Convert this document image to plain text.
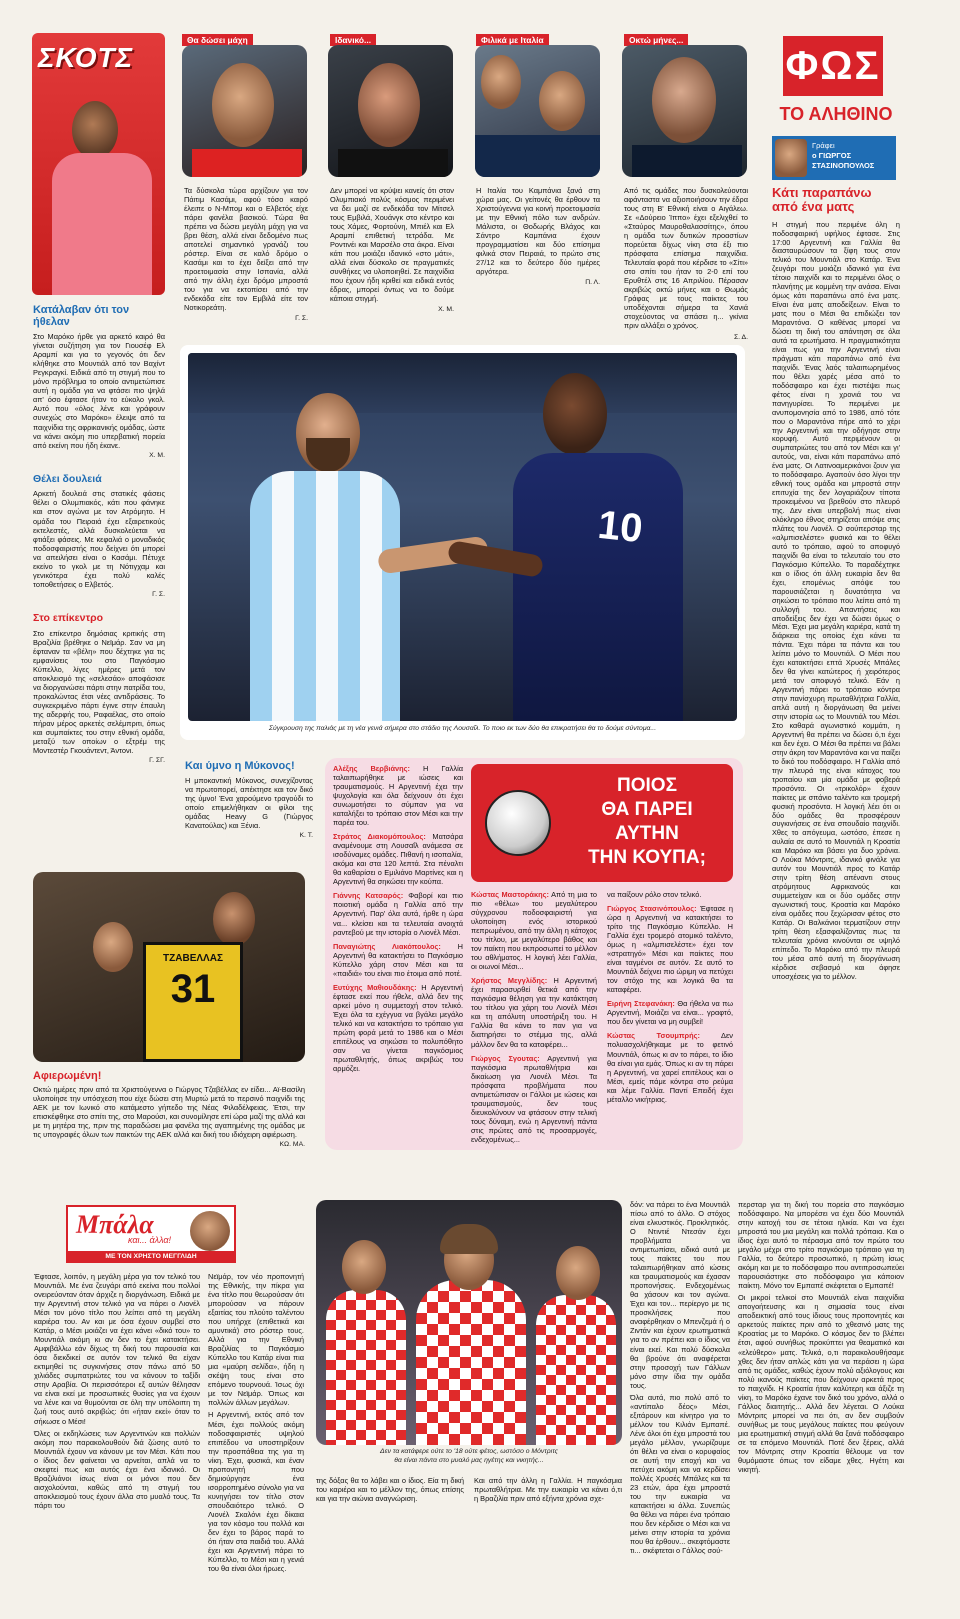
ΣΚΟΤΣ
Θα δώσει μάχη	Ιδανικό...	Φιλικά με Ιταλία	Οκτώ μήνες...

Τα δύσκολα τώρα αρχίζουν για τον Πάιτιμ Κασάμι, αφού τόσο καιρό έλειπε ο Ν-Μπομ και ο Ελβετός είχε πάρει φανέλα βασικού. Τώρα θα πρέπει να δώσει μεγάλη μάχη για να βρει θέση, αλλά είναι δεδομένο πως αποτελεί σημαντικό γρανάζι του ρόστερ. Είναι σε καλό δρόμο ο Κασάμι και το έχει δείξει από την προετοιμασία στην Ισπανία, αλλά από την άλλη έχει δρόμο μπροστά του για να εκτοπίσει από την ενδεκάδα είτε τον Εμβιλά είτε τον Νοτικορεάτη.

Γ. Σ.

Δεν μπορεί να κρύψει κανείς ότι στον Ολυμπιακό πολύς κόσμος περιμένει να δει μαζί σε ενδεκάδα τον Μίτσελ τους Εμβιλά, Χουάνγκ στο κέντρο και τους Χάμες, Φορτούνη, Μπιέλ και Ελ Αραμπί επιθετική τετράδα. Με Ροντινέι και Μαρσέλο στα άκρα. Είναι κάτι που μοιάζει ιδανικό «στο μάτι», αλλά είναι δύσκολο σε πραγματικές συνθήκες να υλοποιηθεί. Σε παιχνίδια που έχουν ήδη κριθεί και ειδικά εντός έδρας, μπορεί όντως να το δούμε κάποια στιγμή.

Χ. Μ.

Η Ιταλία του Καμπάνια ξανά στη χώρα μας. Οι γείτονές θα έρθουν τα Χριστούγεννα για κοινή προετοιμασία με την Εθνική πόλο των ανδρών. Μάλιστα, οι Θοδωρής Βλάχος και Σάντρο Καμπάνια έχουν προγραμματίσει και δύο επίσημα φιλικά στον Πειραιά, το πρώτο στις 27/12 και το δεύτερο δύο ημέρες αργότερα.

Π. Λ.

Από τις ομάδες που δυσκολεύονται αφάνταστα να αξιοποιήσουν την έδρα τους στη Β' Εθνική είναι ο Αιγάλεω. Σε «Δούρειο Ίππο» έχει εξελιχθεί το «Σταύρος Μαυροθαλασσίτης», όπου η ομάδα των δυτικών προαστίων πορεύεται δίχως νίκη στα έξι πιο πρόσφατα επίσημα παιχνίδια. Τελευταία φορά που κέρδισε το «Σίτι» στο σπίτι του ήταν το 2-0 επί του Ερυθτέλ στις 16 Απριλίου. Πέρασαν ακριβώς οκτώ μήνες και ο Θωμάς Γράφας με τους παίκτες του υποδέχονται σήμερα τα Χανιά στοχεύοντας να σπάσει η... γκίνια πριν αλλάξει ο χρόνος.

Σ. Δ.
ΦΩΣ
ΤΟ ΑΛΗΘΙΝΟ
Γράφει
ο ΓΙΩΡΓΟΣ
ΣΤΑΣΙΝΟΠΟΥΛΟΣ
Κατάλαβαν ότι τον ήθελαν
Στο Μαρόκο ήρθε για αρκετό καιρό θα γίνεται συζήτηση για τον Γιουσέφ Ελ Αραμπί και για το γεγονός ότι δεν κλήθηκε στο Μουντιάλ από τον Βαχίντ Ρεγκραγκί. Ειδικά από τη στιγμή που το μόνο πρόβλημα το οποίο αντιμετώπισε αυτή η ομάδα για να φτάσει πιο ψηλά απ' όσο έφτασε ήταν το εύκολο γκολ. Αυτό που «όλος λένε και γράφουν συνεχώς στο Μαρόκο» έλειψε από τα παιχνίδια της αφρικανικής ομάδας, ώστε να κάνει ακόμη πιο υπερβατική πορεία από εκείνη που ήδη έκανε.
Χ. Μ.
Θέλει δουλειά
Αρκετή δουλειά στις στατικές φάσεις θέλει ο Ολυμπιακός, κάτι που φάνηκε και στον αγώνα με τον Ατρόμητο. Η ομάδα του Πειραιά έχει εξαιρετικούς εκτελεστές, αλλά δυσκολεύεται να φτιάξει φάσεις. Με κεφαλιά ο μοναδικός ποδοσφαιριστής που δείχνει ότι μπορεί να απειλήσει είναι ο Κασάμι. Πέτυχε εκείνο το γκολ με τη Νότιγχαμ και γενικότερα έχει πολύ καλές τοποθετήσεις ο Ελβετός.
Γ. Σ.
Στο επίκεντρο
Στο επίκεντρο δημόσιας κριτικής στη Βραζιλία βρέθηκε ο Νεϊμάρ. Σαν να μη έφταναν τα «βέλη» που δέχτηκε για τις εμφανίσεις του στο Παγκόσμιο Κύπελλο, λίγες ημέρες μετά τον αποκλεισμό της «σελεσάο» αποφάσισε να διοργανώσει πάρτι στην πατρίδα του, προκαλώντας έτσι νέες αντιδράσεις. Το συγκεκριμένο πάρτι έγινε στην έπαυλη της αδερφής του, Ραφαέλας, στο οποίο πήραν μέρος αρκετές σελέμπριτι, όπως και συμπαίκτες του στην εθνική ομάδα, μεταξύ των οποίων ο εξτρέμ της Μοντεστέρ Γκουάντεντ, Άντονι.
Γ. ΣΓ.
10
Σύγκρουση της παλιάς με τη νέα γενιά σήμερα στο στάδιο της Λουσαΐλ. Το ποιο εκ των δύο θα επικρατήσει θα το δούμε σύντομα...
Κάτι παραπάνω από ένα ματς
Η στιγμή που περιμένε όλη η ποδοσφαιρική υφήλιος έφτασε. Στις 17:00 Αργεντινή και Γαλλία θα διασταυρώσουν τα ξίφη τους στον τελικό του Μουντιάλ στο Κατάρ. Ένα ζευγάρι που μοιάζει ιδανικό για ένα τέτοιο παιχνίδι και το περιμένει όλος ο πλανήτης με κομμένη την ανάσα. Είναι όμως κάτι παραπάνω από ένα ματς. Είναι ένα ματς αποδείξεων. Είναι το ματς που ο Μέσι θα επιδιώξει τον Μαραντόνα. Ο καθένας μπορεί να δώσει τη δική του απάντηση σε όλα αυτά τα ερωτήματα. Η πραγματικότητα είναι πως για την Αργεντινή είναι πράγματι κάτι παραπάνω από ένα παιχνίδι. Ένας λαός ταλαιπωρημένος που θέλει χαρές μέσα από το ποδόσφαιρο και έχει πιστέψει πως φέτος είναι η χρονιά του να πανηγυρίσει. Το περιμένει με ανυπομονησία από το 1986, από τότε που ο Μαραντόνα πήρε από το χέρι την Αργεντινή και την οδήγησε στην κορυφή. Αυτό περιμένουν οι συμπατριώτες του από τον Μέσι και γι' αυτούς, ναι, είναι κάτι παραπάνω από ένα ματς. Οι Λατινοαμερικάνοι ζουν για το ποδόσφαιρο. Αγαπούν όσο λίγοι την εθνική τους ομάδα και μπροστά στην επιτυχία της δεν λογαριάζουν τίποτα προκειμένου να βρεθούν στο πλευρό της. Δεν είναι υπερβολή πως είναι ολόκληρο έθνος στηρίζεται απόψε στις πλάτες του Λιονέλ. Ο σούπερσταρ της «αλμπισελέστε» φυσικά και το θέλει αυτό το τρόπαιο, αφού το αποφυγό παιχνίδι θα είναι το τελευταίο του στο Παγκόσμιο Κύπελλο. Το παραδέχτηκε και ο ίδιος ότι άλλη ευκαιρία δεν θα έχει, επομένως απόψε του παρουσιάζεται η δυνατότητα να σηκώσει το τρόπαιο που λείπει από τη συλλογή του. Απαντήσεις και αποδείξεις δεν έχει να δώσει όμως ο Μέσι. Έχει μια μεγάλη καριέρα, κατά τη διάρκεια της οποίας έχει κάνει τα πάντα. Έχει πάρει τα πάντα και του λείπει μόνο το Μουντιάλ. Ο Μέσι που έχει κατακτήσει επτά Χρυσές Μπάλες δεν θα γίνει κατώτερος ή χειρότερος μετά τον αποφυγό τελικό. Εάν η Αργεντινή πάρει το τρόπαιο κόντρα στην πανίσχυρη πρωταθλήτρια Γαλλία, απλά αυτή η διοργάνωση θα μείνει στην ιστορία ως το Μουντιάλ του Μέσι. Στο καθαρά αγωνιστικό κομμάτι, η Αργεντινή θα πρέπει να δώσει ό,τι έχει και δεν έχει. Ο Μέσι θα πρέπει να βάλει στην άκρη τον Μαραντόνα και να παίξει το δικό του ποδόσφαιρο. Η Γαλλία από την πλευρά της είναι κάτοχος του τροπαίου και μία ομάδα με φοβερά προσόντα. Οι «τρικολόρ» έχουν παίκτες με σπάνιο ταλέντο και τρομερή φυσική προσόντα. Η λογική λέει ότι οι δύο ομάδες θα προσφέρουν συγκινήσεις σε ένα σπουδαίο παιχνίδι. Χθες το απόγευμα, ωστόσο, έπεσε η αυλαία σε αυτό το Μουντιάλ η Κροατία και Μαρόκο και βάσει για δυο χρόνια. Ο Λούκα Μόντριτς, ιδανικό φινάλε για αυτόν του Μουντιάλ προς το Κατάρ στην τρίτη θέση απέναντι στους ατρόμητους Αφρικανούς και συμμετείχαν και οι δύο ομάδες στην αγωνιστική τους. Κροατία και Μαρόκο είναι ομάδες που ξεχώρισαν φέτος στο Κατάρ. Οι Βαλκάνιοι τερματίζουν στην τρίτη θέση εξασφαλίζοντας πως τα τελευταία χρόνια κινούνται σε υψηλό επίπεδο. Το Μαρόκο από την πλευρά του μέσα από αυτή τη διοργάνωση κέρδισε σεβασμό και άφησε υποσχέσεις για το μέλλον.
Και ύμνο η Μύκονος!
Η μποκαντική Μύκονος, συνεχίζοντας να πρωτοπορεί, απέκτησε και τον δικό της ύμνο! Ένα χαρούμενο τραγούδι το οποίο επιμελήθηκαν οι φίλοι της ομάδας Heavy G (Γιώργος Κανατούλας) και Ξένια.
Κ. Τ.
ΤΖΑΒΕΛΛΑΣ
31
Αφιερωμένη!
Οκτώ ημέρες πριν από τα Χριστούγεννα ο Γιώργος Τζαβέλλας εν είδει... Αϊ-Βασίλη υλοποίησε την υπόσχεση που είχε δώσει στη Μυρτώ μετά το περσινό παιχνίδι της ΑΕΚ με τον Ιωνικό στο κατάμεστο γήπεδο της Νέας Φιλαδέλφειας. Έτσι, την επισκέφθηκε στο σπίτι της, στο Μαρούσι, και συνομίλησε επί ώρα μαζί της αλλά και με τη μητέρα της, πριν της παραδώσει μια φανέλα της αγαπημένης της ομάδας με τις υπογραφές όλων των παικτών της ΑΕΚ αλλά και δική του ιδιόχειρη αφιέρωση.
ΚΩ. ΜΑ.
Αλέξης Βερβιάνης: Η Γαλλία ταλαιπωρήθηκε με ιώσεις και τραυματισμούς. Η Αργεντινή έχει την ψυχολογία και όλα δείχνουν ότι έχει συνωμοτήσει το σύμπαν για να καταλήξει το τρόπαιο στον Μέσι και την παρέα του.
Στράτος Διακομόπουλος: Ματσάρα αναμένουμε στη Λουσαΐλ ανάμεσα σε ισοδύναμες ομάδες. Πιθανή η ισοπαλία, ακόμα και στα 120 λεπτά. Στα πέναλτι θα καθαρίσει ο Εμιλιάνο Μαρτίνες και η Αργεντινή θα σηκώσει την κούπα.
Γιάννης Κατσαρός: Φαβορί και πιο ποιοτική ομάδα η Γαλλία από την Αργεντινή. Παρ' όλα αυτά, ήρθε η ώρα να... κλείσει και τα τελευταία ανοιχτά ραντεβού με την ιστορία ο Λιονέλ Μέσι.
Παναγιώτης Λιακόπουλος: Η Αργεντινή θα κατακτήσει το Παγκόσμιο Κύπελλο χάρη στον Μέσι και τα «παιδιά» του είναι πιο έτοιμα από ποτέ.
Ευτύχης Μαθιουδάκης: Η Αργεντινή έφτασε εκεί που ήθελε, αλλά δεν της αρκεί μόνο η συμμετοχή στον τελικό. Έχει όλα τα εχέγγυα να βγάλει μεγάλο τελικό και να κατακτήσει το τρόπαιο για πρώτη φορά μετά το 1986 και ο Μέσι επιτέλους να σηκώσει το πολυπόθητο σαν να γίνεται παγκόσμιος πρωταθλητής, όπως ακριβώς του αρμόζει.
ΠΟΙΟΣ
ΘΑ ΠΑΡΕΙ
ΑΥΤΗΝ
ΤΗΝ ΚΟΥΠΑ;
Κώστας Μαστοράκης: Από τη μια το πιο «θέλω» του μεγαλύτερου σύγχρονου ποδοσφαιριστή για υλοποίηση ενός ιστορικού πεπρωμένου, από την άλλη η κάτοχος του τίτλου, με μεγαλύτερο βάθος και τον παίκτη που εκπροσωπεί το μέλλον του αθλήματος. Η λογική λέει Γαλλία, οι οιωνοί Μέσι...
Χρήστος Μεγγλίδης: Η Αργεντινή έχει παρασυρθεί θετικά από την παγκόσμια θέληση για την κατάκτηση του τίτλου για χάρη του Λιονέλ Μέσι και τη απόλυτη υποστήριξη του. Η Γαλλία θα κάνει το παν για να διατηρήσει το στέμμα της, αλλά μάλλον δεν θα τα καταφέρει...
Γιώργος Σγουτας: Αργεντινή για παγκόσμια πρωταθλήτρια και δικαίωση για Λιονέλ Μέσι. Τα πρόσφατα προβλήματα που αντιμετώπισαν οι Γάλλοι με ιώσεις και τραυματισμούς, δεν τους διευκολύνουν να φτάσουν στην τελική τους δύναμη, ενώ η Αργεντινή πάντα στις πρώτες από τις προσαρμογές, ενδεχομένως...
να παίξουν ρόλο στον τελικό.
Γιώργος Στασινόπουλος: Έφτασε η ώρα η Αργεντινή να κατακτήσει το τρίτο της Παγκόσμιο Κύπελλο. Η Γαλλία έχει τρομερό ατομικό ταλέντο, όμως η «αλμπισελέστε» έχει τον «στρατηγό» Μέσι και παίκτες που είναι ταγμένοι σε αυτόν. Σε αυτό το Μουντιάλ δείχνει πιο ώριμη να πετύχει τον στόχο της και λογικά θα τα καταφέρει.
Ειρήνη Στεφανάκη: Θα ήθελα να πω Αργεντινή, Μοιάζει να είναι... γραφτό, που δεν γίνεται να μη συμβεί!
Κώστας Τσουμπρής:	Δεν πολυασχολήθηκαμε με το φετινό Μουντιάλ, όπως κι αν το πάρει, το ίδιο θα είναι για εμάς. Όπως κι αν τη πάρει η Αργεντινή, να χαρεί επιτέλους και ο Μέσι, εμείς πάμε κόντρα στο ρεύμα και λέμε Γαλλία. Παντί Επειδή έχει μέταλλο νικήτριας.
Μπάλα
και... άλλα!
ΜΕ ΤΟΝ ΧΡΗΣΤΟ ΜΕΓΓΛΙΔΗ

Έφτασε, λοιπόν, η μεγάλη μέρα για τον τελικό του Μουντιάλ. Με ένα ζευγάρι από εκείνα που πολλοί ονειρεύονταν όταν άρχιζε η διοργάνωση. Ειδικά με την Αργεντινή στον τελικό για να πάρει ο Λιονέλ Μέσι τον μόνο τίτλο που λείπει από τη μεγάλη καριέρα του. Αν και με όσα έχουν συμβεί στο Κατάρ, ο Μέσι μοιάζει να έχει κάνει «δικό του» το Μουντιάλ ακόμη κι αν δεν το έχει κατακτήσει. Αμφιβάλλω εάν δίχως τη δική του παρουσία και όσα διεκδικεί σε αυτόν τον τελικό θα είχαν εκτιμηθεί τις συγκινήσεις στον πάνω από 50 χιλιάδες συμπατριώτες του να κάνουν το ταξίδι στην Αραβία. Οι περισσότεροι εξ αυτών θέλησαν να είναι εκεί με προσωπικές θυσίες για να έχουν να λένε και να θυμούνται σε όλη την υπόλοιπη τη ζωή τους αυτό ακριβώς: ότι «ήταν εκεί» όταν το σήκωσε ο Μέσι!

Όλες οι εκδηλώσεις των Αργεντινών και πολλών ακόμη που παρακολουθούν διά ζώσης αυτό το Μουντιάλ έχουν να κάνουν με τον Μέσι. Κάτι που ο ίδιος δεν φαίνεται να αρνείται, απλά να το σκεφτεί πως και αυτός έχει ένα ιδανικό. Οι Βραζιλιάνοι ίσως είναι οι μόνοι που δεν αισχολούνται, καθώς από τη στιγμή του αποκλεισμού τους έχουν άλλα στο μυαλό τους. Τα πάρτι του

Νεϊμάρ, τον νέο προπονητή της Εθνικής, την πίκρα για ένα τίτλο που θεωρούσαν ότι μπορούσαν να πάρουν εξαιτίας του πλούτο ταλέντου που υπήρχε (επιθετικά και αμυντικά) στο ρόστερ τους. Αλλά για την Εθνική Βραζιλίας το Παγκόσμιο Κύπελλο του Κατάρ είναι πια μια «μαύρη σελίδα», ήδη η σκέψη τους είναι στο επόμενο τουρνουά. Ίσως όχι με τον Νεϊμάρ. Όπως και πολλών άλλων μεγάλων.

Η Αργεντινή, εκτός από τον Μέσι, έχει πολλούς ακόμη ποδοσφαιριστές υψηλού επιπέδου να υποστηρίξουν την προσπάθεια της για τη νίκη. Έχει, φυσικά, και έναν προπονητή που δημιούργησε ένα ισορροπημένο σύνολο για να κυνηγήσει τον τίτλο στον σπουδαιότερο τελικό. Ο Λιονέλ Σκαλόνι έχει δίκαια για τον κόσμο του πολλά και δεν έχει το βάρος παρά το ότι ήταν στα παιδιά του. Αλλά έχει και Αργεντινή πάρει το Κύπελλο, το Μέσι και η γενιά του θα είναι όλοι ήρωες.

Δεν τα κατάφερε ούτε το '18 ούτε φέτος, ωστόσο ο Μόντριτς
θα είναι πάντα στο μυαλό μας ηγέτης και νικητής...

της δόξας θα το λάβει και ο ίδιος. Εία τη δική του καριέρα και το μέλλον της, όπως επίσης και για την αιώνια αναγνώριση.

Και από την άλλη η Γαλλία. Η παγκόσμια πρωταθλήτρια. Με την ευκαιρία να κάνει ό,τι η Βραζιλία πριν από εξήντα χρόνια σχε-

δόν: να πάρει το ένα Μουντιάλ πίσω από το άλλο. Ο στόχος είναι ελκυστικός. Προκλητικός. Ο Ντιντιέ Ντεσάν έχει προβλήματα να αντιμετωπίσει, ειδικά αυτά με τους παίκτες του που ταλαιπωρήθηκαν από ιώσεις και τραυματισμούς και έχασαν προπονήσεις. Ενδεχομένως θα χάσουν και τον αγώνα. Έχει και τον... περίεργο με τις προσκλήσεις που αναφέρθηκαν ο Μπενζεμά ή ο Ζιντάν και έχουν ερωτηματικά για το αν πρέπει και ο ίδιος να είναι εκεί. Και πολύ δύσκολα θα βρούνε ότι αναφέρεται στην προσοχή των Γάλλων μόνο στην ίδια την ομάδα τους.

Όλα αυτά, πιο πολύ από το «αντίπαλο δέος» Μέσι, εξιτάρουν και κίνητρο για το μέλλον του Κιλιάν Εμπαπέ. Λένε όλοι ότι έχει μπροστά του μεγάλο μέλλον, γνωρίζουμε ότι θέλει να είναι ο κορυφαίος σε αυτή την εποχή και να πετύχει ακόμη και να κερδίσει πολλές Χρυσές Μπάλες και τα 23 ετών, άρα έχει μπροστά του την ευκαιρία να κατακτήσει κι άλλα. Συνεπώς θα θέλει να πάρει ένα τρόπαιο που δεν κέρδισε ο Μέσι και να μείνει στην ιστορία τα χρόνια που θα έρθουν... σκεφτόμαστε τι... σκέφτεται ο Γάλλος σού-

περσταρ για τη δική του πορεία στο παγκόσμιο ποδόσφαιρο. Να μπορέσει να έχει δύο Μουντιάλ στην κατοχή του σε τέτοια ηλικία. Και να έχει μπροστά του μια μεγάλη και πολλά τρόπαια. Και ο ίδιος έχει αυτό το πέρασμα από τον πρώτο του μεγάλο μέχρι στο τρίτο παγκόσμιο τρόπαιο για τη Γαλλία, το δεύτερο προσωπικό, η πρώτη ίσως ακόμη και με το ποδόσφαιρο που αντιπροσωπεύει παρουσιάστηκε στο ποδόσφαιρο για κάποιον παίκτη. Μόνο τον Εμπαπέ σκέφτεται ο Εμπαπέ!

Οι μικροί τελικοί στο Μουντιάλ είναι παιχνίδια απογοήτευσης και η σημασία τους είναι αποδεικτική από τους ίδιους τους προπονητές και αρκετούς παίκτες πριν από το χθεσινό ματς της Κροατίας με το Μαρόκο. Ο κόσμος δεν το βλέπει έτσι, αφού συνήθως προκύπτει για θεαματικό και «ελεύθερο» ματς. Τελικά, ο,τι παρακολουθήσαμε χθες δεν ήταν απλώς κάτι για να περάσει η ώρα από τις ομάδες, καθώς έχουν πολύ αξιόλογους και πολύ ικανούς παίκτες που δείχνουν αρκετά προς το παιχνίδι. Η Κροατία ήταν καλύτερη και άξιζε τη νίκη, το Μαρόκο έχανε τον δικό του χρόνο, αλλά ο Γάλλος διαιτητής... Αλλά δεν λέγεται. Ο Λούκα Μόντριτς μπορεί να πει ότι, αν δεν συμβούν συνήθως με τους μεγάλους παίκτες που φεύγουν μια ερωτηματική στιγμή αλλά θα ξανά ποδόσφαιρο σε τα επόμενο Μουντιάλ. Ποτέ δεν ξέρεις, αλλά τον Μόντριτς στην Κροατία θέλουμε να τον θυμόμαστε όπως τον είδαμε χθες. Ηγέτη και νικητή.
